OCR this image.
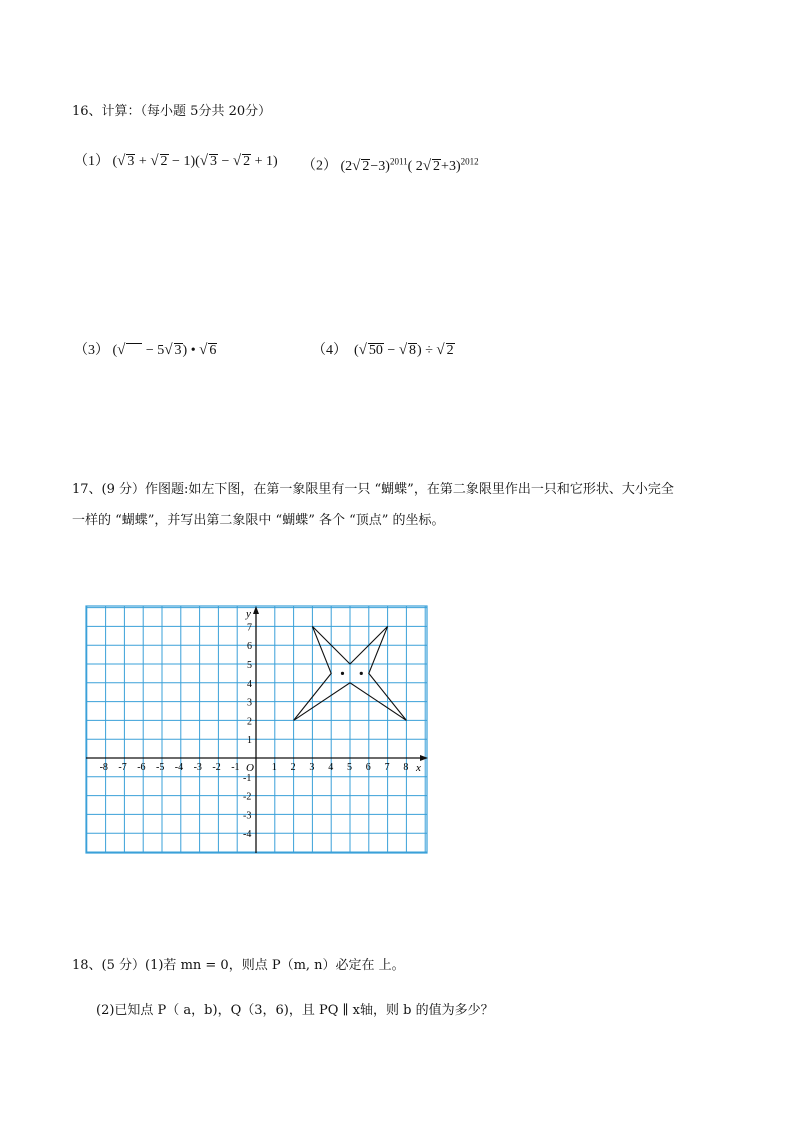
16、计算：（每小题 5分共 20分）
（1） (√ 3 + √ 2 − 1)(√ 3 − √ 2 + 1) （2） (2√ 2−3)$^{2011}$( 2√ 2+3)$^{2012}$
（3） (√     − 5√ 3) • √ 6	（4）  (√ 50 − √ 8) ÷ √ 2
17、(9 分）作图题:如左下图，在第一象限里有一只 “蝴蝶”，在第二象限里作出一只和它形状、大小完全
一样的 “蝴蝶”，并写出第二象限中 “蝴蝶” 各个 “顶点” 的坐标。
-8 -7 -6 -5 -4 -3 -2 -1	1 2 3 4 5 6 7 8
7
6
5
4
3
2
1
-1
-2
-3
-4
O	x
y
18、(5 分）(1)若 mn = 0，则点 P（m, n）必定在 上。
(2)已知点 P（ a，b)，Q（3，6)，且 PQ ∥ x轴，则 b 的值为多少？
